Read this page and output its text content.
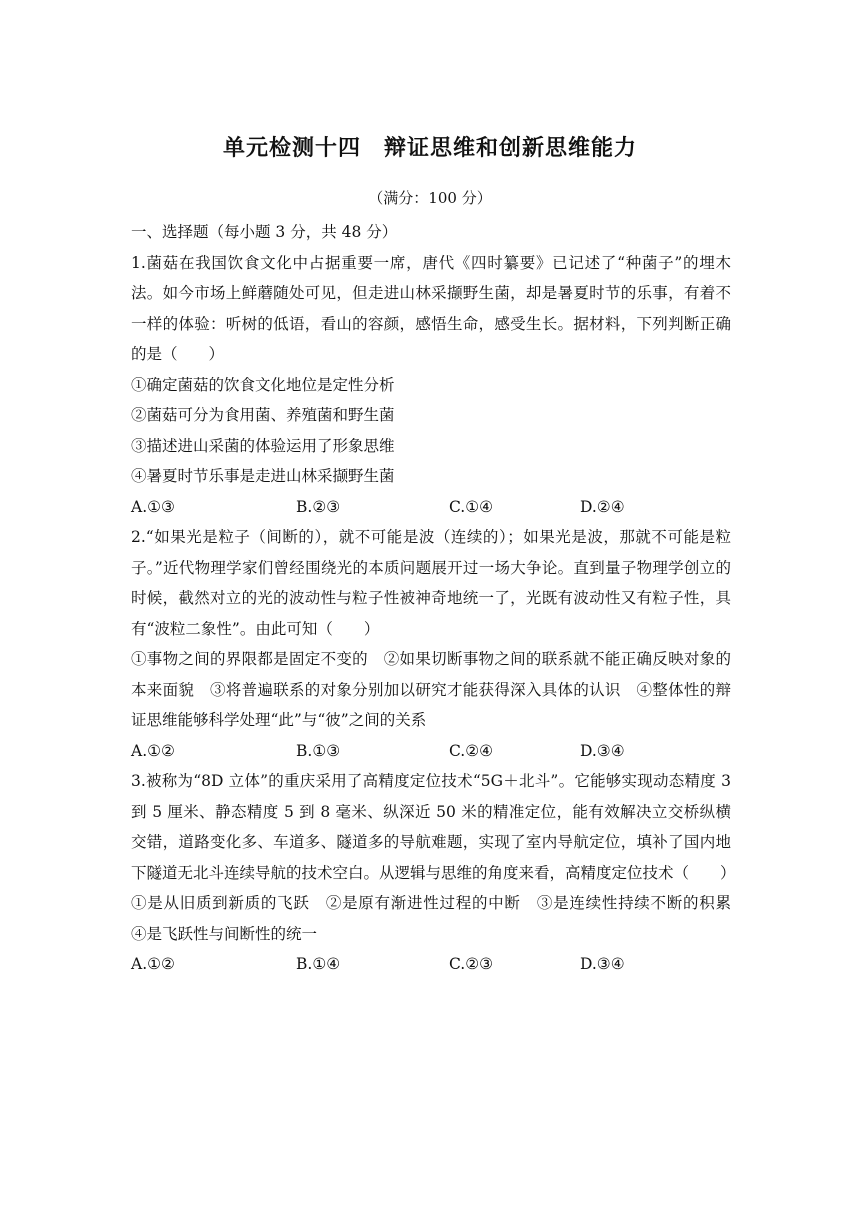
单元检测十四　辩证思维和创新思维能力
（满分：100 分）
一、选择题（每小题 3 分，共 48 分）
1.菌菇在我国饮食文化中占据重要一席，唐代《四时纂要》已记述了“种菌子”的埋木法。如今市场上鲜蘑随处可见，但走进山林采撷野生菌，却是暑夏时节的乐事，有着不一样的体验：听树的低语，看山的容颜，感悟生命，感受生长。据材料，下列判断正确的是（　　）
①确定菌菇的饮食文化地位是定性分析
②菌菇可分为食用菌、养殖菌和野生菌
③描述进山采菌的体验运用了形象思维
④暑夏时节乐事是走进山林采撷野生菌
A.①③	B.②③	C.①④	D.②④
2.“如果光是粒子（间断的），就不可能是波（连续的）；如果光是波，那就不可能是粒子。”近代物理学家们曾经围绕光的本质问题展开过一场大争论。直到量子物理学创立的时候，截然对立的光的波动性与粒子性被神奇地统一了，光既有波动性又有粒子性，具有“波粒二象性”。由此可知（　　）
①事物之间的界限都是固定不变的　②如果切断事物之间的联系就不能正确反映对象的本来面貌　③将普遍联系的对象分别加以研究才能获得深入具体的认识　④整体性的辩证思维能够科学处理“此”与“彼”之间的关系
A.①②	B.①③	C.②④	D.③④
3.被称为“8D 立体”的重庆采用了高精度定位技术“5G＋北斗”。它能够实现动态精度 3 到 5 厘米、静态精度 5 到 8 毫米、纵深近 50 米的精准定位，能有效解决立交桥纵横交错，道路变化多、车道多、隧道多的导航难题，实现了室内导航定位，填补了国内地下隧道无北斗连续导航的技术空白。从逻辑与思维的角度来看，高精度定位技术（　　）
①是从旧质到新质的飞跃　②是原有渐进性过程的中断　③是连续性持续不断的积累　④是飞跃性与间断性的统一
A.①②	B.①④	C.②③	D.③④
